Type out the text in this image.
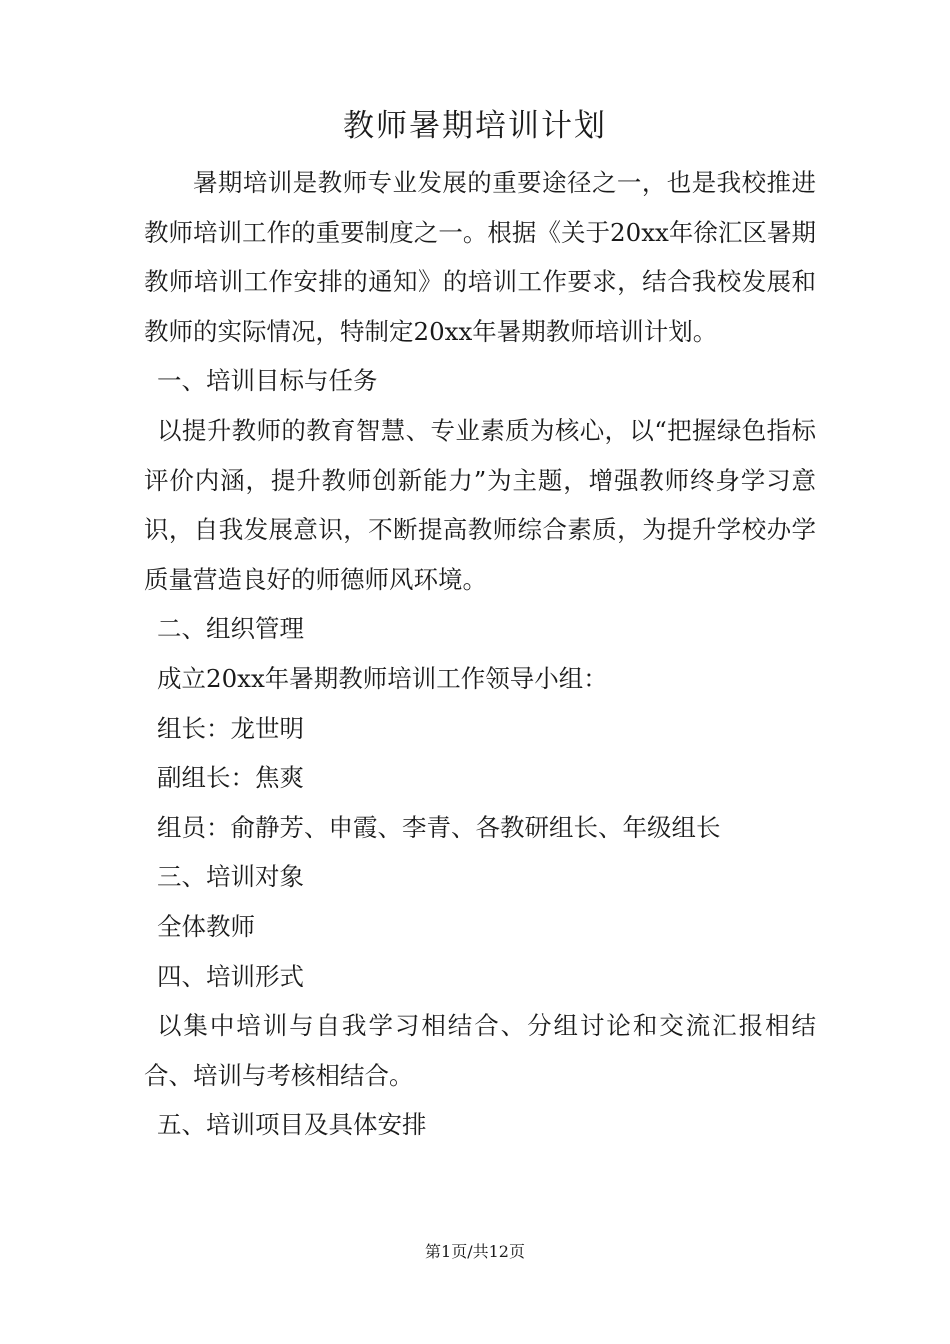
教师暑期培训计划

暑期培训是教师专业发展的重要途径之一，也是我校推进教师培训工作的重要制度之一。根据《关于20xx年徐汇区暑期教师培训工作安排的通知》的培训工作要求，结合我校发展和教师的实际情况，特制定20xx年暑期教师培训计划。

一、培训目标与任务

以提升教师的教育智慧、专业素质为核心，以“把握绿色指标评价内涵，提升教师创新能力”为主题，增强教师终身学习意识，自我发展意识，不断提高教师综合素质，为提升学校办学质量营造良好的师德师风环境。

二、组织管理

成立20xx年暑期教师培训工作领导小组：

组长：龙世明

副组长：焦爽

组员：俞静芳、申霞、李青、各教研组长、年级组长

三、培训对象

全体教师

四、培训形式

以集中培训与自我学习相结合、分组讨论和交流汇报相结合、培训与考核相结合。

五、培训项目及具体安排

第1页/共12页
